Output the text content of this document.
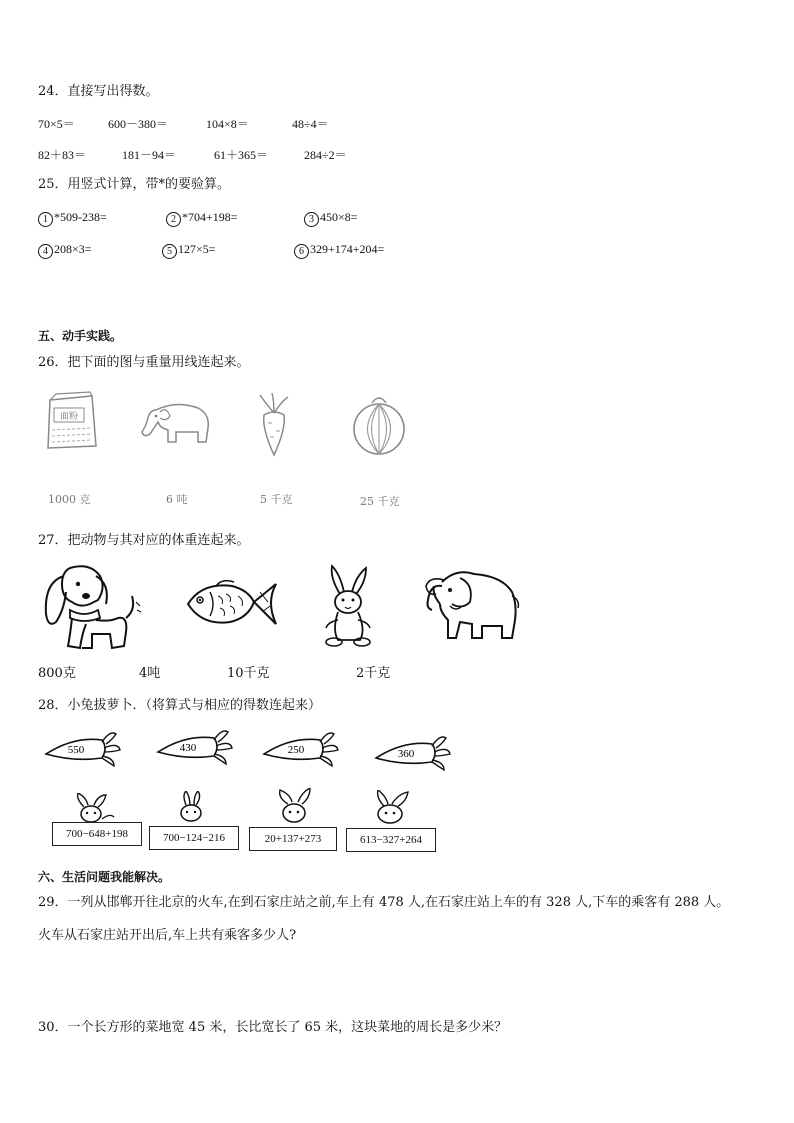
24．直接写出得数。
70×5＝	600－380＝	104×8＝	48÷4＝
82＋83＝	181－94＝	61＋365＝	284÷2＝
25．用竖式计算，带*的要验算。
1 *509-238=	2 *704+198=	3 450×8=
4 208×3=	5 127×5=	6 329+174+204=
五、动手实践。
26．把下面的图与重量用线连起来。
面粉
1000 克	6 吨	5 千克	25 千克
27．把动物与其对应的体重连起来。
800克	4吨	10千克	2千克
28．小兔拔萝卜．（将算式与相应的得数连起来）
550	430	250	360
700−648+198	700−124−216	20+137+273	613−327+264
六、生活问题我能解决。
29．一列从邯郸开往北京的火车,在到石家庄站之前,车上有 478 人,在石家庄站上车的有 328 人,下车的乘客有 288 人。
火车从石家庄站开出后,车上共有乘客多少人?
30．一个长方形的菜地宽 45 米，长比宽长了 65 米，这块菜地的周长是多少米？
